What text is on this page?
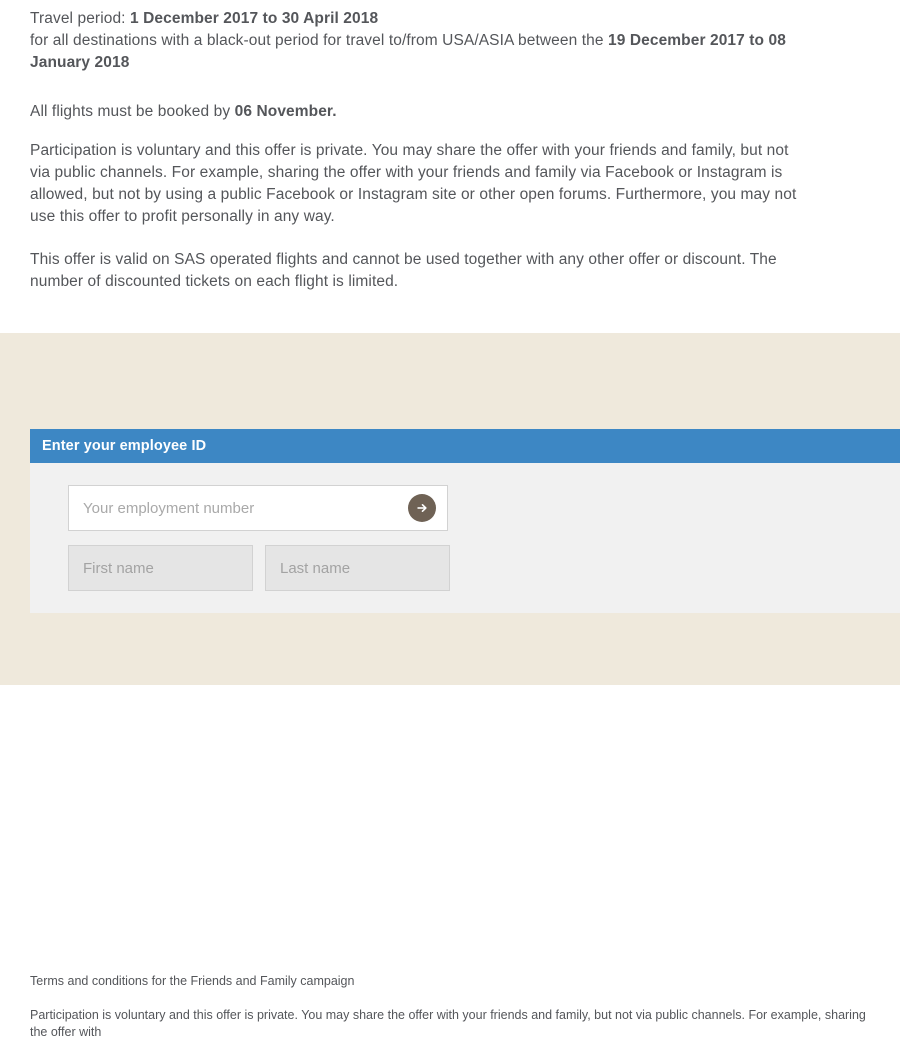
Travel period: 1 December 2017 to 30 April 2018
for all destinations with a black-out period for travel to/from USA/ASIA between the 19 December 2017 to 08 January 2018

All flights must be booked by 06 November.

Participation is voluntary and this offer is private. You may share the offer with your friends and family, but not via public channels. For example, sharing the offer with your friends and family via Facebook or Instagram is allowed, but not by using a public Facebook or Instagram site or other open forums. Furthermore, you may not use this offer to profit personally in any way.

This offer is valid on SAS operated flights and cannot be used together with any other offer or discount. The number of discounted tickets on each flight is limited.

Enter your employee ID
Your employment number
First name
Last name

Terms and conditions for the Friends and Family campaign

Participation is voluntary and this offer is private. You may share the offer with your friends and family, but not via public channels. For example, sharing the offer with
